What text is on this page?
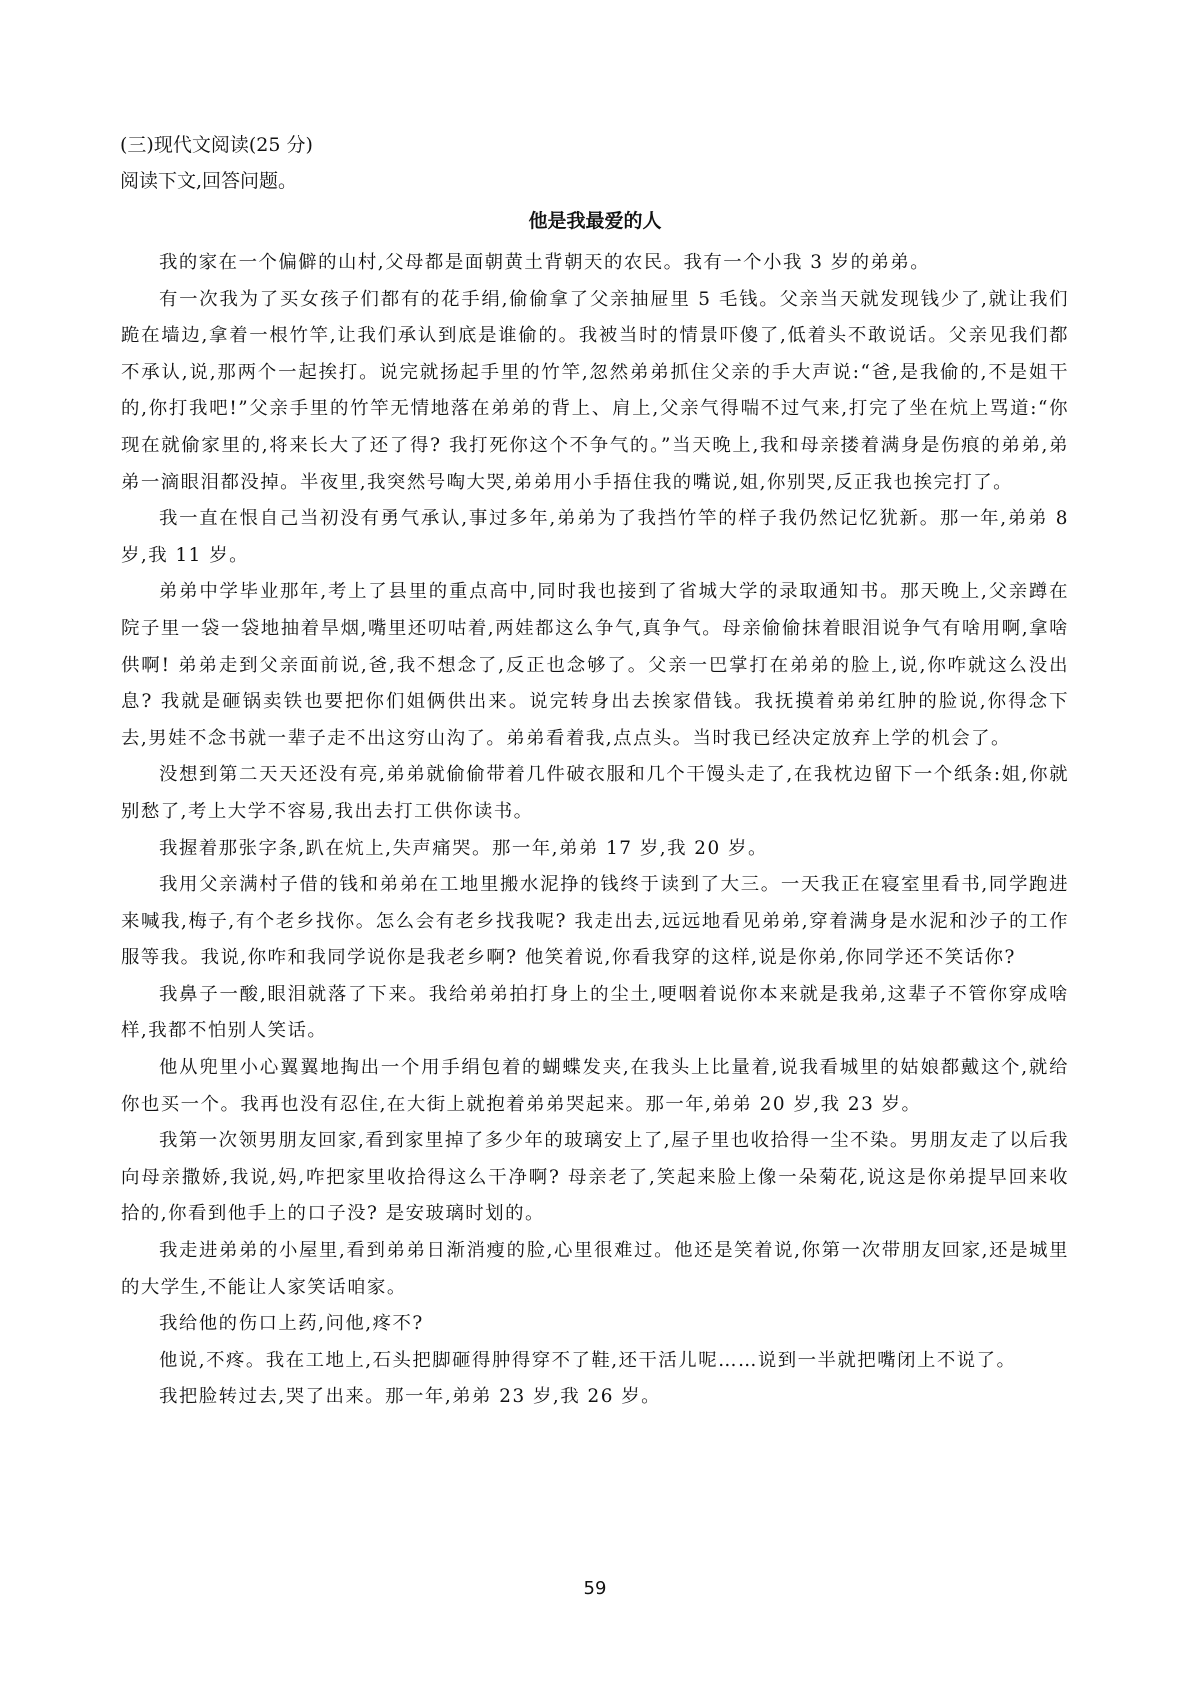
(三)现代文阅读(25 分)
阅读下文,回答问题。
他是我最爱的人

我的家在一个偏僻的山村,父母都是面朝黄土背朝天的农民。我有一个小我 3 岁的弟弟。

有一次我为了买女孩子们都有的花手绢,偷偷拿了父亲抽屉里 5 毛钱。父亲当天就发现钱少了,就让我们跪在墙边,拿着一根竹竿,让我们承认到底是谁偷的。我被当时的情景吓傻了,低着头不敢说话。父亲见我们都不承认,说,那两个一起挨打。说完就扬起手里的竹竿,忽然弟弟抓住父亲的手大声说:“爸,是我偷的,不是姐干的,你打我吧!”父亲手里的竹竿无情地落在弟弟的背上、肩上,父亲气得喘不过气来,打完了坐在炕上骂道:“你现在就偷家里的,将来长大了还了得? 我打死你这个不争气的。”当天晚上,我和母亲搂着满身是伤痕的弟弟,弟弟一滴眼泪都没掉。半夜里,我突然号啕大哭,弟弟用小手捂住我的嘴说,姐,你别哭,反正我也挨完打了。

我一直在恨自己当初没有勇气承认,事过多年,弟弟为了我挡竹竿的样子我仍然记忆犹新。那一年,弟弟 8 岁,我 11 岁。

弟弟中学毕业那年,考上了县里的重点高中,同时我也接到了省城大学的录取通知书。那天晚上,父亲蹲在院子里一袋一袋地抽着旱烟,嘴里还叨咕着,两娃都这么争气,真争气。母亲偷偷抹着眼泪说争气有啥用啊,拿啥供啊! 弟弟走到父亲面前说,爸,我不想念了,反正也念够了。父亲一巴掌打在弟弟的脸上,说,你咋就这么没出息? 我就是砸锅卖铁也要把你们姐俩供出来。说完转身出去挨家借钱。我抚摸着弟弟红肿的脸说,你得念下去,男娃不念书就一辈子走不出这穷山沟了。弟弟看着我,点点头。当时我已经决定放弃上学的机会了。

没想到第二天天还没有亮,弟弟就偷偷带着几件破衣服和几个干馒头走了,在我枕边留下一个纸条:姐,你就别愁了,考上大学不容易,我出去打工供你读书。

我握着那张字条,趴在炕上,失声痛哭。那一年,弟弟 17 岁,我 20 岁。

我用父亲满村子借的钱和弟弟在工地里搬水泥挣的钱终于读到了大三。一天我正在寝室里看书,同学跑进来喊我,梅子,有个老乡找你。怎么会有老乡找我呢? 我走出去,远远地看见弟弟,穿着满身是水泥和沙子的工作服等我。我说,你咋和我同学说你是我老乡啊? 他笑着说,你看我穿的这样,说是你弟,你同学还不笑话你?

我鼻子一酸,眼泪就落了下来。我给弟弟拍打身上的尘土,哽咽着说你本来就是我弟,这辈子不管你穿成啥样,我都不怕别人笑话。

他从兜里小心翼翼地掏出一个用手绢包着的蝴蝶发夹,在我头上比量着,说我看城里的姑娘都戴这个,就给你也买一个。我再也没有忍住,在大街上就抱着弟弟哭起来。那一年,弟弟 20 岁,我 23 岁。

我第一次领男朋友回家,看到家里掉了多少年的玻璃安上了,屋子里也收拾得一尘不染。男朋友走了以后我向母亲撒娇,我说,妈,咋把家里收拾得这么干净啊? 母亲老了,笑起来脸上像一朵菊花,说这是你弟提早回来收拾的,你看到他手上的口子没? 是安玻璃时划的。

我走进弟弟的小屋里,看到弟弟日渐消瘦的脸,心里很难过。他还是笑着说,你第一次带朋友回家,还是城里的大学生,不能让人家笑话咱家。

我给他的伤口上药,问他,疼不?

他说,不疼。我在工地上,石头把脚砸得肿得穿不了鞋,还干活儿呢……说到一半就把嘴闭上不说了。

我把脸转过去,哭了出来。那一年,弟弟 23 岁,我 26 岁。

59
